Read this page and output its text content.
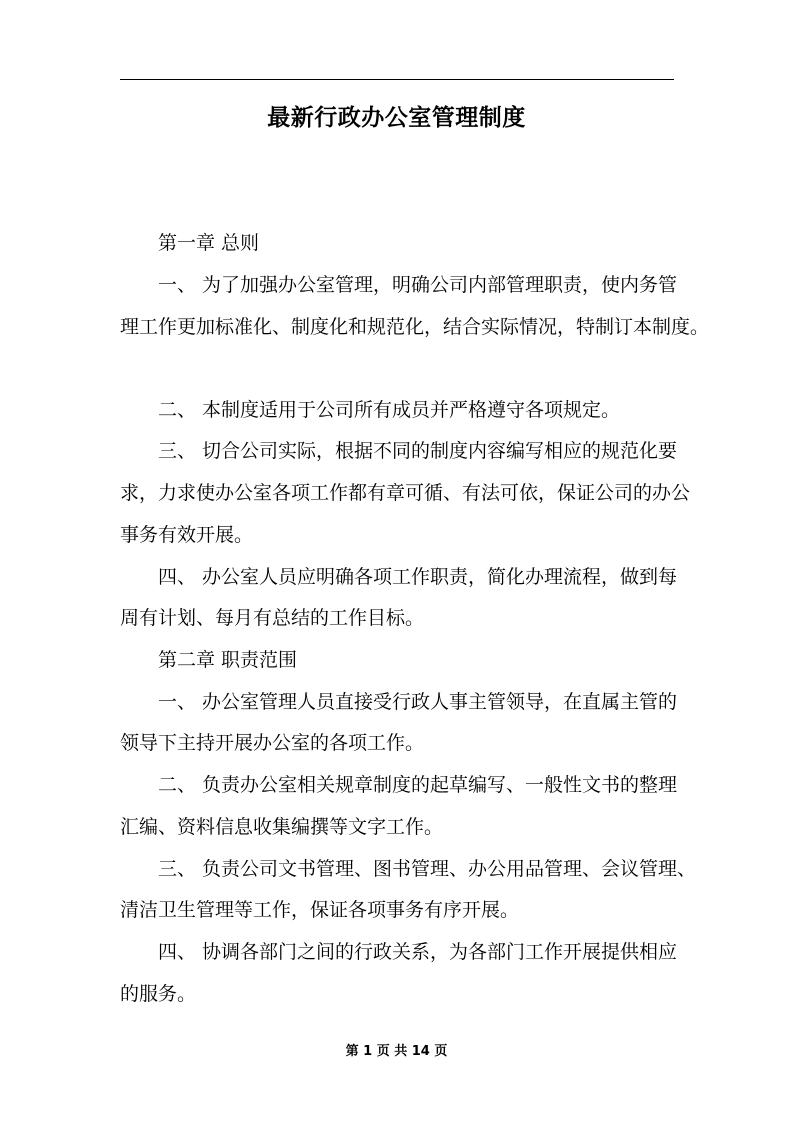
最新行政办公室管理制度
第一章 总则
一、 为了加强办公室管理，明确公司内部管理职责，使内务管
理工作更加标准化、制度化和规范化，结合实际情况，特制订本制度。
二、 本制度适用于公司所有成员并严格遵守各项规定。
三、 切合公司实际，根据不同的制度内容编写相应的规范化要
求，力求使办公室各项工作都有章可循、有法可依，保证公司的办公
事务有效开展。
四、 办公室人员应明确各项工作职责，简化办理流程，做到每
周有计划、每月有总结的工作目标。
第二章 职责范围
一、 办公室管理人员直接受行政人事主管领导，在直属主管的
领导下主持开展办公室的各项工作。
二、 负责办公室相关规章制度的起草编写、一般性文书的整理
汇编、资料信息收集编撰等文字工作。
三、 负责公司文书管理、图书管理、办公用品管理、会议管理、
清洁卫生管理等工作，保证各项事务有序开展。
四、 协调各部门之间的行政关系，为各部门工作开展提供相应
的服务。
第 1 页 共 14 页
